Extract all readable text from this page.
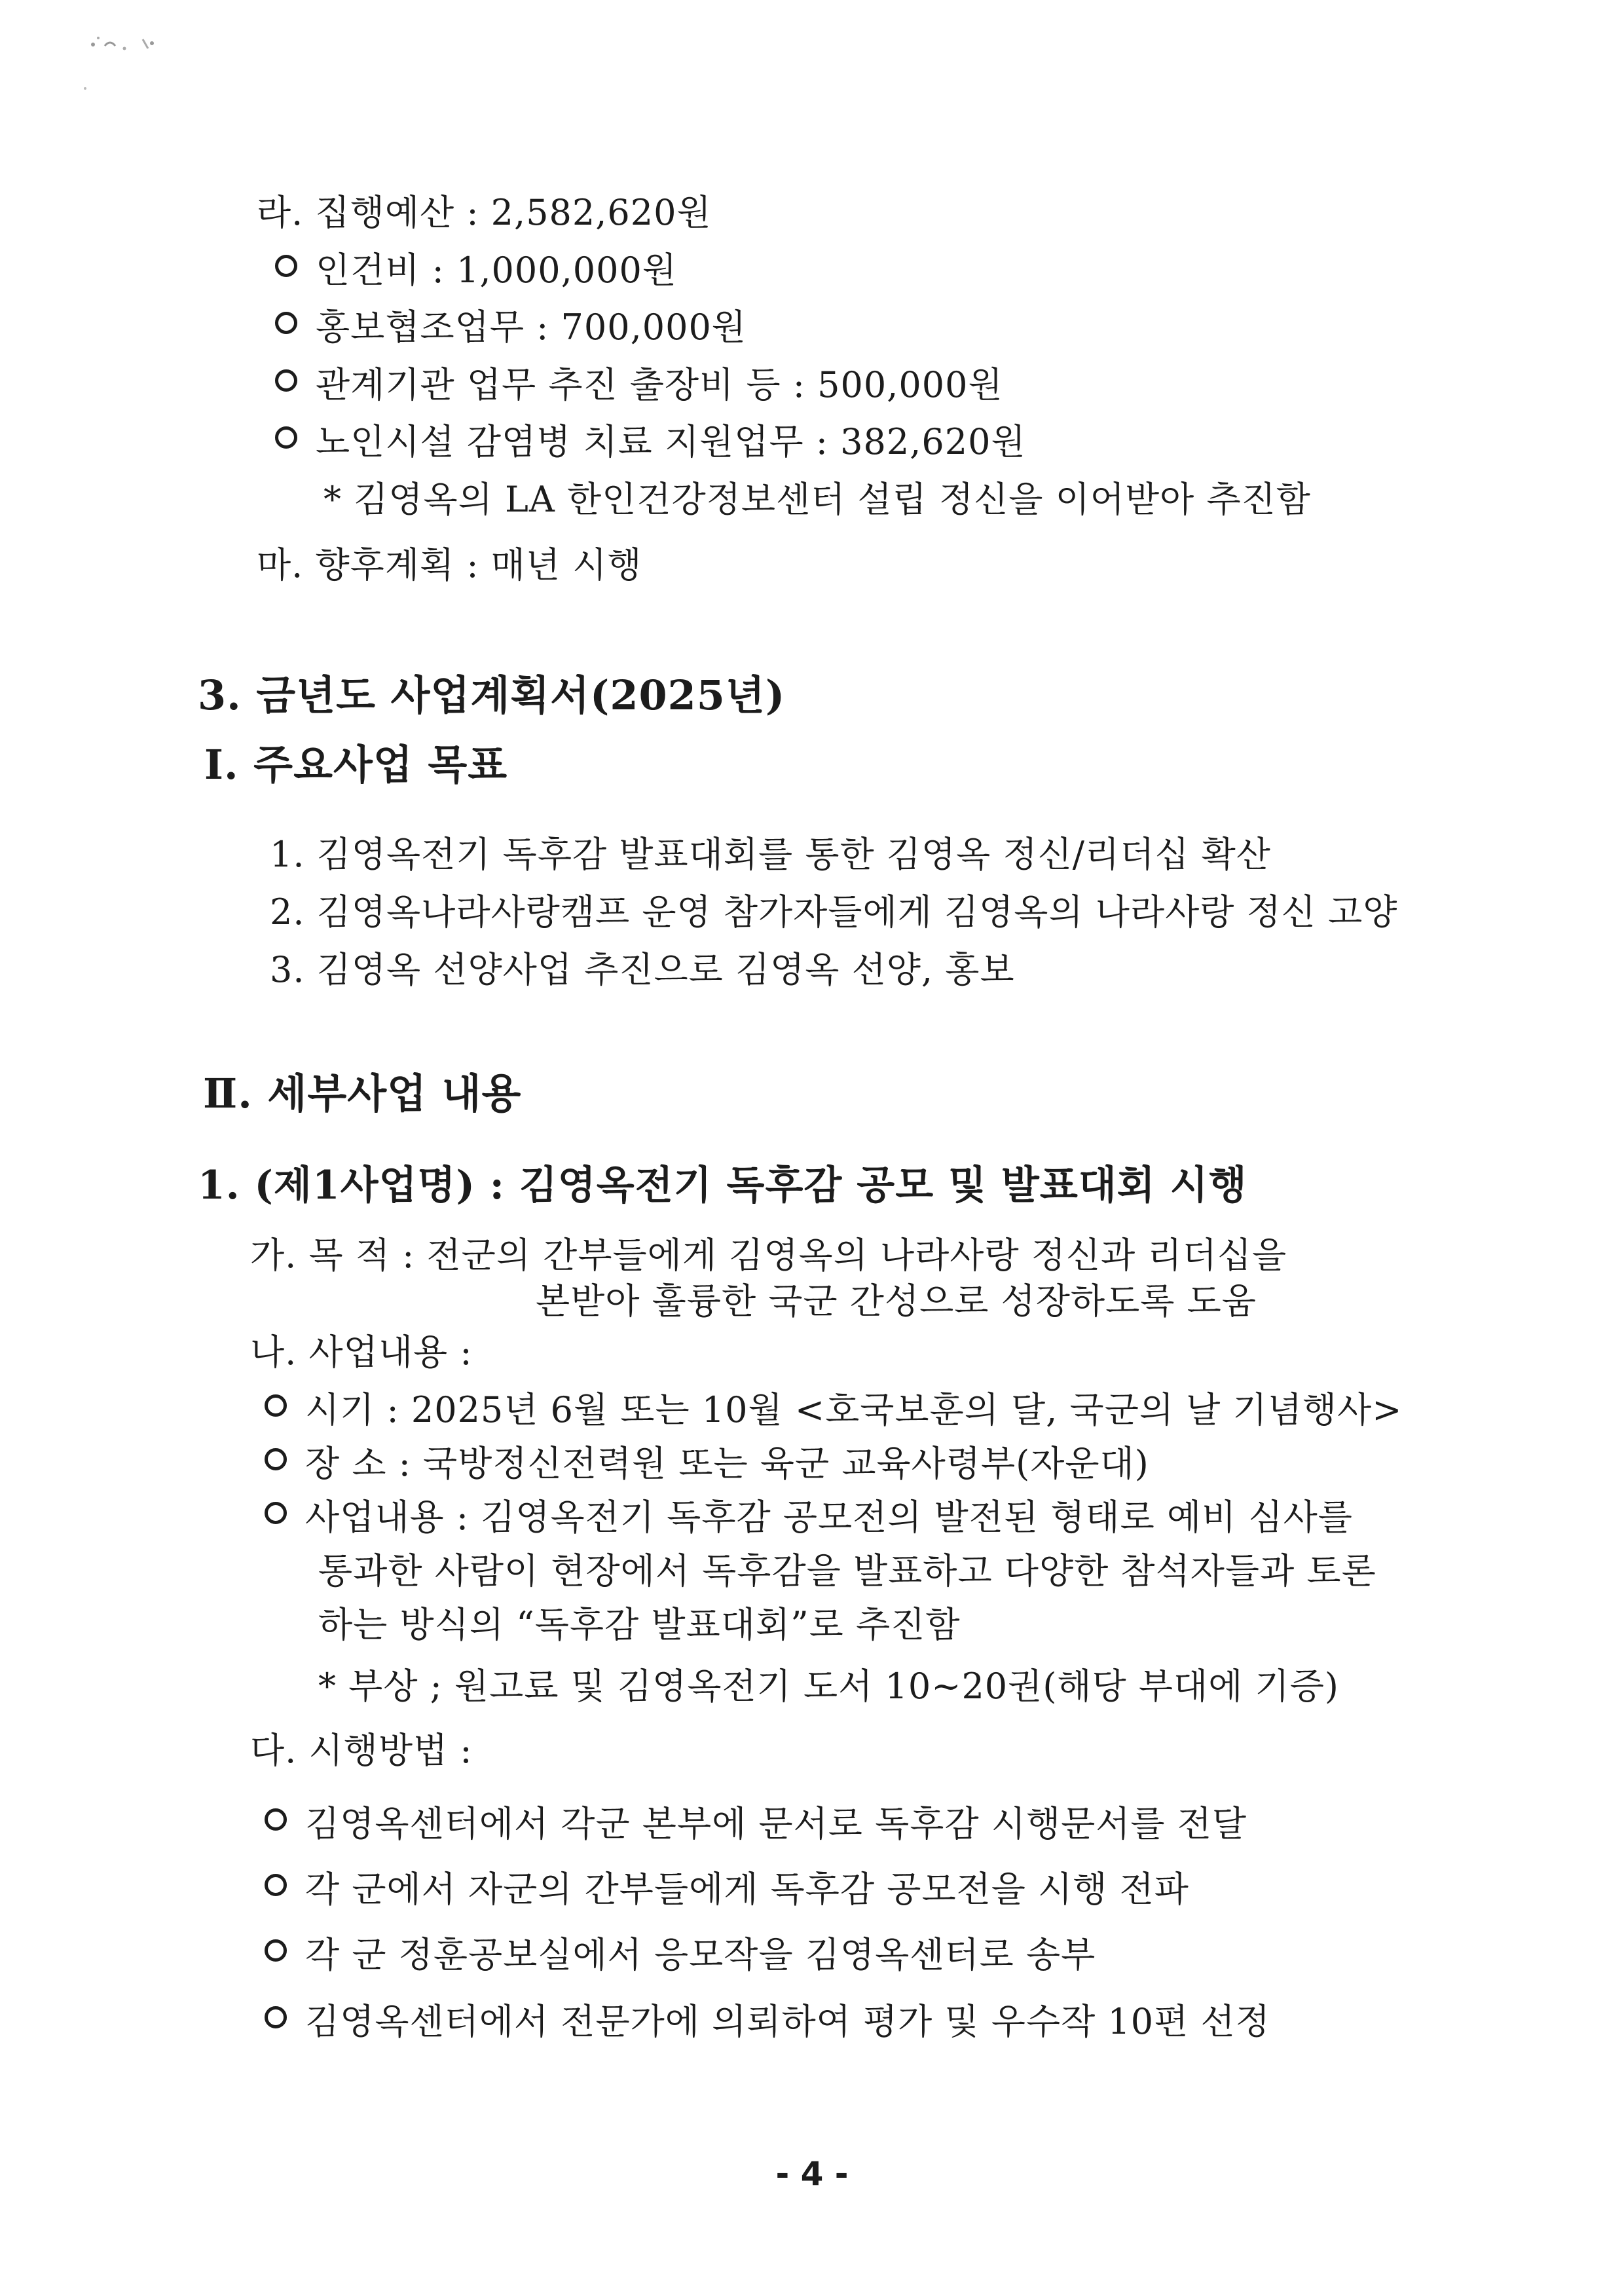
라. 집행예산 : 2,582,620원
인건비 : 1,000,000원
홍보협조업무 : 700,000원
관계기관 업무 추진 출장비 등 : 500,000원
노인시설 감염병 치료 지원업무 : 382,620원
* 김영옥의 LA 한인건강정보센터 설립 정신을 이어받아 추진함
마. 향후계획 : 매년 시행
3. 금년도 사업계획서(2025년)
Ⅰ. 주요사업 목표
1. 김영옥전기 독후감 발표대회를 통한 김영옥 정신/리더십 확산
2. 김영옥나라사랑캠프 운영 참가자들에게 김영옥의 나라사랑 정신 고양
3. 김영옥 선양사업 추진으로 김영옥 선양, 홍보
Ⅱ. 세부사업 내용
1. (제1사업명) : 김영옥전기 독후감 공모 및 발표대회 시행
가. 목 적 : 전군의 간부들에게 김영옥의 나라사랑 정신과 리더십을
본받아 훌륭한 국군 간성으로 성장하도록 도움
나. 사업내용 :
시기 : 2025년 6월 또는 10월 <호국보훈의 달, 국군의 날 기념행사>
장 소 : 국방정신전력원 또는 육군 교육사령부(자운대)
사업내용 : 김영옥전기 독후감 공모전의 발전된 형태로 예비 심사를
통과한 사람이 현장에서 독후감을 발표하고 다양한 참석자들과 토론
하는 방식의 “독후감 발표대회”로 추진함
* 부상 ; 원고료 및 김영옥전기 도서 10~20권(해당 부대에 기증)
다. 시행방법 :
김영옥센터에서 각군 본부에 문서로 독후감 시행문서를 전달
각 군에서 자군의 간부들에게 독후감 공모전을 시행 전파
각 군 정훈공보실에서 응모작을 김영옥센터로 송부
김영옥센터에서 전문가에 의뢰하여 평가 및 우수작 10편 선정
- 4 -
